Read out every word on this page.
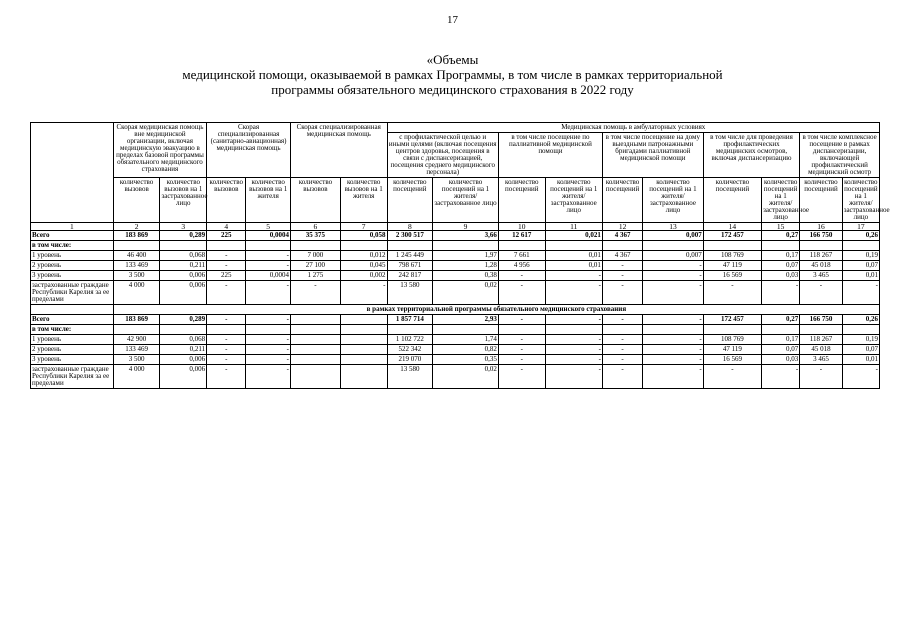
17
«Объемы
медицинской помощи, оказываемой в рамках Программы, в том числе в рамках территориальной
программы обязательного медицинского страхования в 2022 году
	Скорая медицинская помощь вне медицинской организации, включая медицинскую эвакуацию в пределах базовой программы обязательного медицинского страхования		Скорая специализированная (санитарно-авиационная) медицинская помощь		Скорая специализированная медицинская помощь		Медицинская помощь в амбулаторных условиях									
							с профилактической целью и иными целями (включая посещения центров здоровья, посещения в связи с диспансеризацией, посещения среднего медицинского персонала)		в том числе посещение по паллиативной медицинской помощи		в том числе посещение на дому выездными патронажными бригадами паллиативной медицинской помощи		в том числе для проведения профилактических медицинских осмотров, включая диспансеризацию		в том числе комплексное посещение в рамках диспансеризации, включающей профилактический медицинский осмотр	
	количество вызовов	количество вызовов на 1 застрахованное лицо	количество вызовов	количество вызовов на 1 жителя	количество вызовов	количество вызовов на 1 жителя	количество посещений	количество посещений на 1 жителя/ застрахованное лицо	количество посещений	количество посещений на 1 жителя/ застрахованное лицо	количество посещений	количество посещений на 1 жителя/ застрахованное лицо	количество посещений	количество посещений на 1 жителя/ застрахованное лицо	количество посещений	количество посещений на 1 жителя/ застрахованное лицо
1	2	3	4	5	6	7	8	9	10	11	12	13	14	15	16	17
Всего	183 869	0,289	225	0,0004	35 375	0,058	2 300 517	3,66	12 617	0,021	4 367	0,007	172 457	0,27	166 750	0,26
в том числе:																
1 уровень	46 400	0,068	-	-	7 000	0,012	1 245 449	1,97	7 661	0,01	4 367	0,007	108 769	0,17	118 267	0,19
2 уровень	133 469	0,211	-	-	27 100	0,045	798 671	1,28	4 956	0,01	-	-	47 119	0,07	45 018	0,07
3 уровень	3 500	0,006	225	0,0004	1 275	0,002	242 817	0,38	-	-	-	-	16 569	0,03	3 465	0,01
застрахованные граждане Республики Карелия за ее пределами	4 000	0,006	-	-	-	-	13 580	0,02	-	-	-	-	-	-	-	-
	в рамках территориальной программы обязательного медицинского страхования															
Всего	183 869	0,289	-	-			1 857 714	2,93	-	-	-	-	172 457	0,27	166 750	0,26
в том числе:																
1 уровень	42 900	0,068	-	-			1 102 722	1,74	-	-	-	-	108 769	0,17	118 267	0,19
2 уровень	133 469	0,211	-	-			522 342	0,82	-	-	-	-	47 119	0,07	45 018	0,07
3 уровень	3 500	0,006	-	-			219 070	0,35	-	-	-	-	16 569	0,03	3 465	0,01
застрахованные граждане Республики Карелия за ее пределами	4 000	0,006	-	-			13 580	0,02	-	-	-	-	-	-	-	-
